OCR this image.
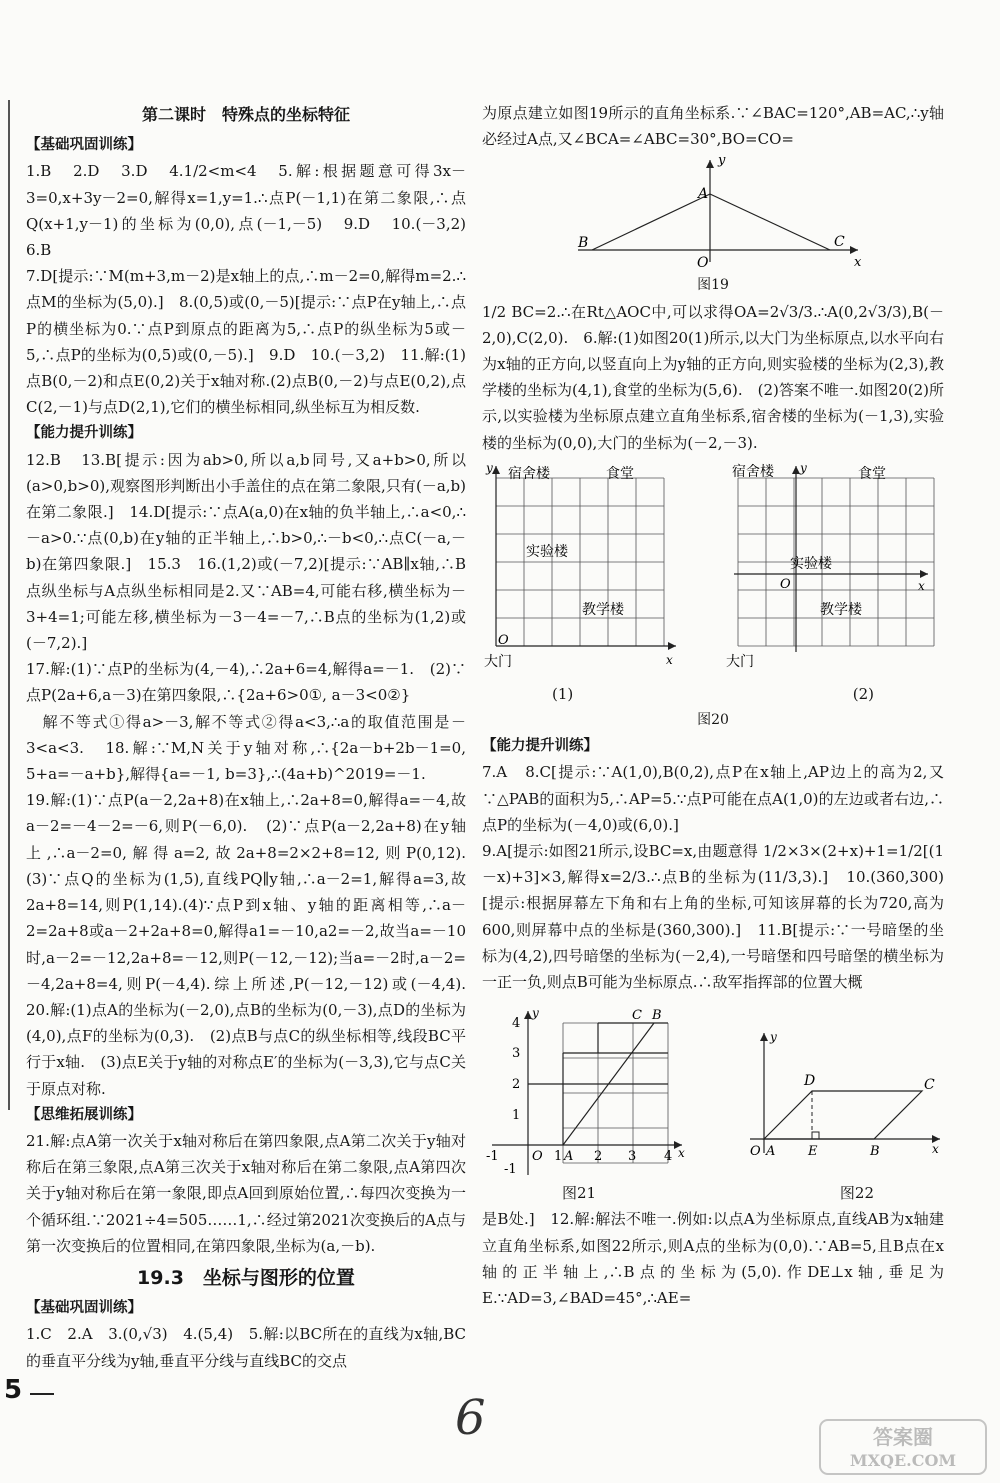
第二课时　特殊点的坐标特征

【基础巩固训练】

1.B　2.D　3.D　4.1/2<m<4　5.解:根据题意可得3x－3=0,x+3y－2=0,解得x=1,y=1.∴点P(－1,1)在第二象限,∴点Q(x+1,y－1)的坐标为(0,0),点(－1,－5)　9.D　10.(－3,2)　6.B

7.D[提示:∵M(m+3,m－2)是x轴上的点,∴m－2=0,解得m=2.∴点M的坐标为(5,0).]　8.(0,5)或(0,－5)[提示:∵点P在y轴上,∴点P的横坐标为0.∵点P到原点的距离为5,∴点P的纵坐标为5或－5,∴点P的坐标为(0,5)或(0,－5).]　9.D　10.(－3,2)　11.解:(1)点B(0,－2)和点E(0,2)关于x轴对称.(2)点B(0,－2)与点E(0,2),点C(2,－1)与点D(2,1),它们的横坐标相同,纵坐标互为相反数.

【能力提升训练】

12.B　13.B[提示:因为ab>0,所以a,b同号,又a+b>0,所以(a>0,b>0),观察图形判断出小手盖住的点在第二象限,只有(－a,b)在第二象限.]　14.D[提示:∵点A(a,0)在x轴的负半轴上,∴a<0,∴－a>0.∵点(0,b)在y轴的正半轴上,∴b>0,∴－b<0,∴点C(－a,－b)在第四象限.]　15.3　16.(1,2)或(－7,2)[提示:∵AB∥x轴,∴B点纵坐标与A点纵坐标相同是2.又∵AB=4,可能右移,横坐标为－3+4=1;可能左移,横坐标为－3－4=－7,∴B点的坐标为(1,2)或(－7,2).]

17.解:(1)∵点P的坐标为(4,－4),∴2a+6=4,解得a=－1.　(2)∵点P(2a+6,a－3)在第四象限,∴{2a+6>0①, a－3<0②}

　解不等式①得a>－3,解不等式②得a<3,∴a的取值范围是－3<a<3.　18.解:∵M,N关于y轴对称,∴{2a－b+2b－1=0, 5+a=－a+b},解得{a=－1, b=3},∴(4a+b)^2019=－1.

19.解:(1)∵点P(a－2,2a+8)在x轴上,∴2a+8=0,解得a=－4,故a－2=－4－2=－6,则P(－6,0).　(2)∵点P(a－2,2a+8)在y轴上,∴a－2=0,解得a=2,故2a+8=2×2+8=12,则P(0,12).　(3)∵点Q的坐标为(1,5),直线PQ∥y轴,∴a－2=1,解得a=3,故2a+8=14,则P(1,14).(4)∵点P到x轴、y轴的距离相等,∴a－2=2a+8或a－2+2a+8=0,解得a1=－10,a2=－2,故当a=－10时,a－2=－12,2a+8=－12,则P(－12,－12);当a=－2时,a－2=－4,2a+8=4,则P(－4,4).综上所述,P(－12,－12)或(－4,4).　20.解:(1)点A的坐标为(－2,0),点B的坐标为(0,－3),点D的坐标为(4,0),点F的坐标为(0,3).　(2)点B与点C的纵坐标相等,线段BC平行于x轴.　(3)点E关于y轴的对称点E′的坐标为(－3,3),它与点C关于原点对称.

【思维拓展训练】

21.解:点A第一次关于x轴对称后在第四象限,点A第二次关于y轴对称后在第三象限,点A第三次关于x轴对称后在第二象限,点A第四次关于y轴对称后在第一象限,即点A回到原始位置,∴每四次变换为一个循环组.∵2021÷4=505……1,∴经过第2021次变换后的A点与第一次变换后的位置相同,在第四象限,坐标为(a,－b).

19.3　坐标与图形的位置

【基础巩固训练】

1.C　2.A　3.(0,√3)　4.(5,4)　5.解:以BC所在的直线为x轴,BC的垂直平分线为y轴,垂直平分线与直线BC的交点

为原点建立如图19所示的直角坐标系.∵∠BAC=120°,AB=AC,∴y轴必经过A点,又∠BCA=∠ABC=30°,BO=CO=

y
A
B
O
C
x
图19

1/2 BC=2.∴在Rt△AOC中,可以求得OA=2√3/3.∴A(0,2√3/3),B(－2,0),C(2,0).　6.解:(1)如图20(1)所示,以大门为坐标原点,以水平向右为x轴的正方向,以竖直向上为y轴的正方向,则实验楼的坐标为(2,3),教学楼的坐标为(4,1),食堂的坐标为(5,6).　(2)答案不唯一.如图20(2)所示,以实验楼为坐标原点建立直角坐标系,宿舍楼的坐标为(－1,3),实验楼的坐标为(0,0),大门的坐标为(－2,－3).

y 宿舍楼	食堂
实验楼
教学楼
O
x
大门
y
宿舍楼	食堂
实验楼
O	x
教学楼
大门
(1)	(2)
图20

【能力提升训练】

7.A　8.C[提示:∵A(1,0),B(0,2),点P在x轴上,AP边上的高为2,又∵△PAB的面积为5,∴AP=5.∵点P可能在点A(1,0)的左边或者右边,∴点P的坐标为(－4,0)或(6,0).]

9.A[提示:如图21所示,设BC=x,由题意得 1/2×3×(2+x)+1=1/2[(1－x)+3]×3,解得x=2/3.∴点B的坐标为(11/3,3).]　10.(360,300)[提示:根据屏幕左下角和右上角的坐标,可知该屏幕的长为720,高为600,则屏幕中点的坐标是(360,300).]　11.B[提示:∵一号暗堡的坐标为(4,2),四号暗堡的坐标为(－2,4),一号暗堡和四号暗堡的横坐标为一正一负,则点B可能为坐标原点.∴敌军指挥部的位置大概

y	C B
4
3
2
1
-1
-1	O 1 A 2 3 4 x
y
D	C
O A	E	B	x
图21	图22

是B处.]　12.解:解法不唯一.例如:以点A为坐标原点,直线AB为x轴建立直角坐标系,如图22所示,则A点的坐标为(0,0).∵AB=5,且B点在x轴的正半轴上,∴B点的坐标为(5,0).作DE⊥x轴,垂足为E.∵AD=3,∠BAD=45°,∴AE=

5	6	答案圈
MXQE.COM
